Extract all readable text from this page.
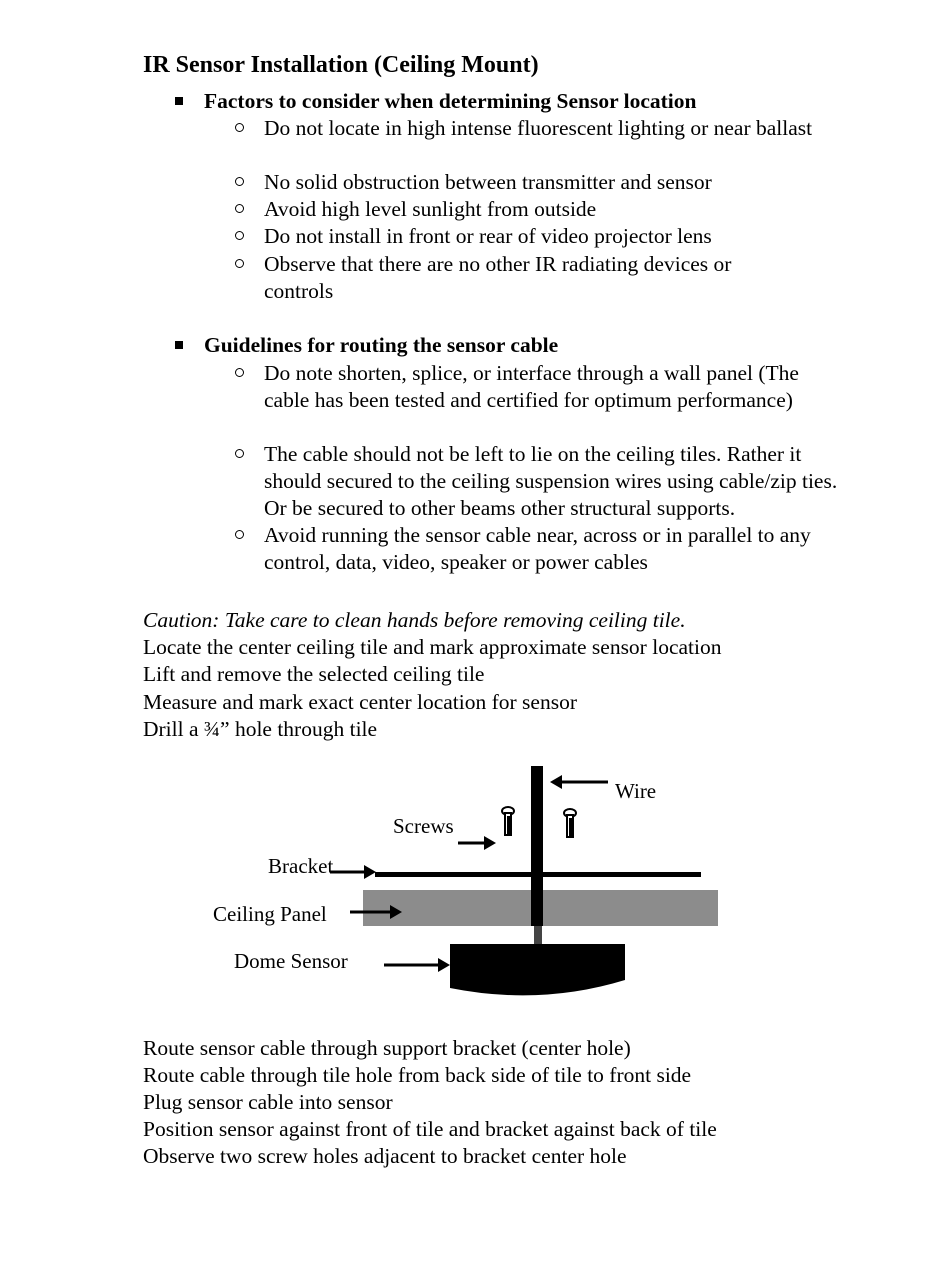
IR Sensor Installation (Ceiling Mount)
Factors to consider when determining Sensor location
Do not locate in high intense fluorescent lighting or near ballast
No solid obstruction between transmitter and sensor
Avoid high level sunlight from outside
Do not install in front or rear of video projector lens
Observe that there are no other IR radiating devices or controls
Guidelines for routing the sensor cable
Do note shorten, splice, or interface through a wall panel (The cable has been tested and certified for optimum performance)
The cable should not be left to lie on the ceiling tiles. Rather it should secured to the ceiling suspension wires using cable/zip ties. Or be secured to other beams other structural supports.
Avoid running the sensor cable near, across or in parallel to any control, data, video, speaker or power cables
Caution: Take care to clean hands before removing ceiling tile.
Locate the center ceiling tile and mark approximate sensor location
Lift and remove the selected ceiling tile
Measure and mark exact center location for sensor
Drill a ¾” hole through tile
Wire
Screws
Bracket
Ceiling Panel
Dome Sensor
Route sensor cable through support bracket (center hole)
Route cable through tile hole from back side of tile to front side
Plug sensor cable into sensor
Position sensor against front of tile and bracket against back of tile
Observe two screw holes adjacent to bracket center hole
